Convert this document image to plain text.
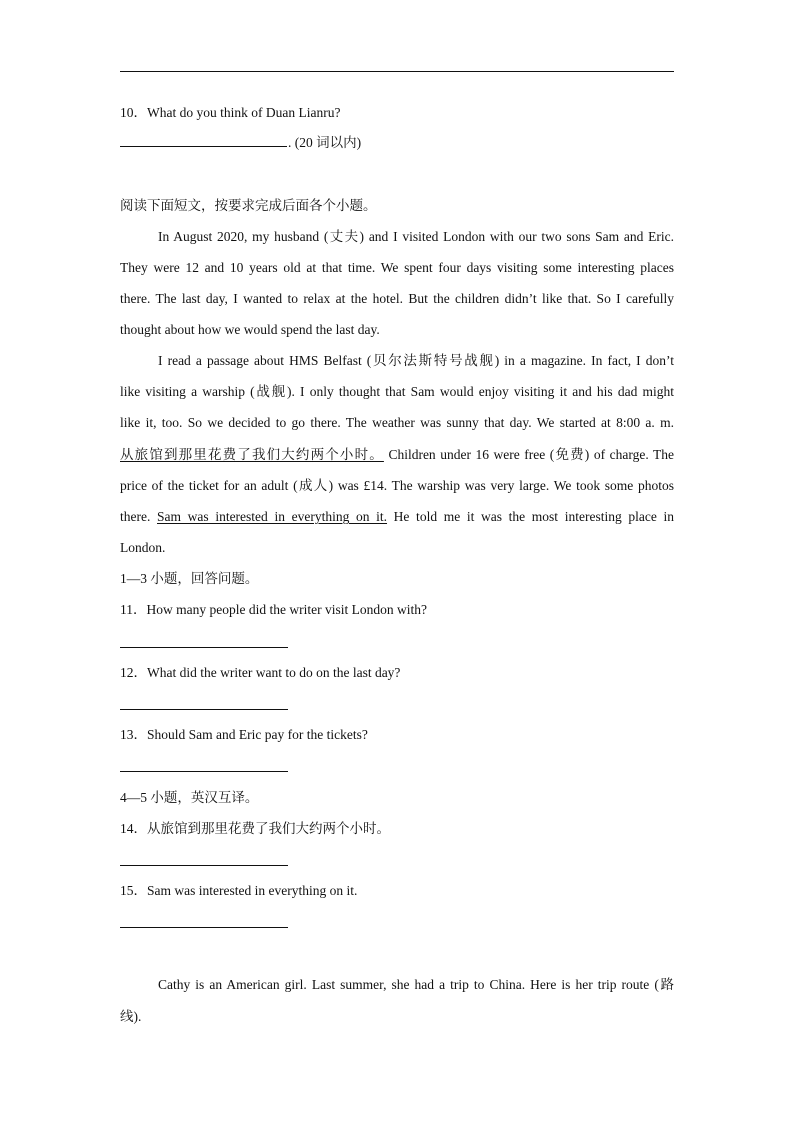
10．What do you think of Duan Lianru?
. (20 词以内)
阅读下面短文，按要求完成后面各个小题。
In August 2020, my husband (丈夫) and I visited London with our two sons Sam and Eric.
They were 12 and 10 years old at that time. We spent four days visiting some interesting places
there. The last day, I wanted to relax at the hotel. But the children didn’t like that. So I carefully
thought about how we would spend the last day.
I read a passage about HMS Belfast (贝尔法斯特号战舰) in a magazine. In fact, I don’t
like visiting a warship (战舰). I only thought that Sam would enjoy visiting it and his dad might
like it, too. So we decided to go there. The weather was sunny that day. We started at 8:00 a. m.
从旅馆到那里花费了我们大约两个小时。 Children under 16 were free (免费) of charge. The
price of the ticket for an adult (成人) was £14. The warship was very large. We took some photos
there. Sam was interested in everything on it. He told me it was the most interesting place in
London.
1—3 小题，回答问题。
11．How many people did the writer visit London with?
12．What did the writer want to do on the last day?
13．Should Sam and Eric pay for the tickets?
4—5 小题，英汉互译。
14．从旅馆到那里花费了我们大约两个小时。
15．Sam was interested in everything on it.
Cathy is an American girl. Last summer, she had a trip to China. Here is her trip route (路
线).
